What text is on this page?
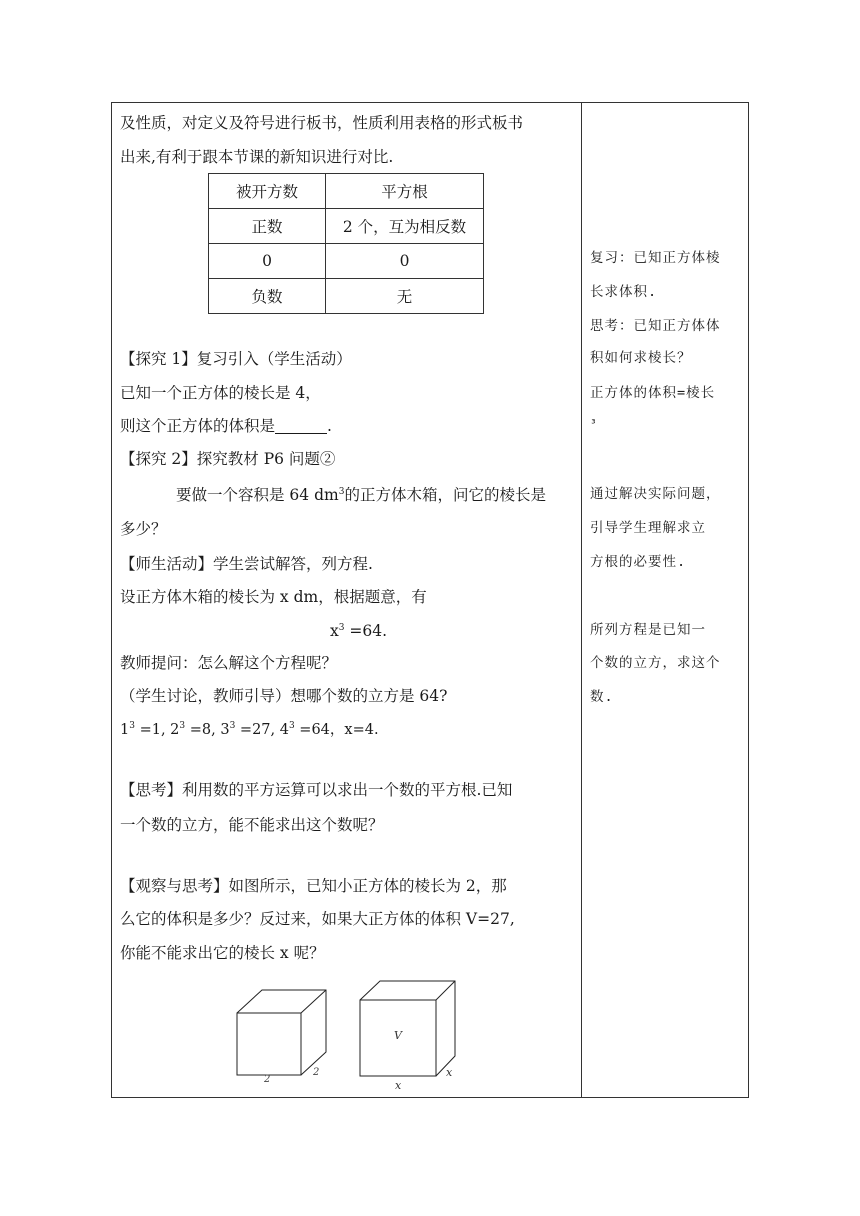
及性质，对定义及符号进行板书，性质利用表格的形式板书
出来,有利于跟本节课的新知识进行对比.
被开方数	平方根
正数	2 个，互为相反数
0	0
负数	无
【探究 1】复习引入（学生活动）
已知一个正方体的棱长是 4，
则这个正方体的体积是	.
【探究 2】探究教材 P6 问题②
要做一个容积是 64 $dm^3$的正方体木箱，问它的棱长是
多少？
【师生活动】学生尝试解答，列方程.
设正方体木箱的棱长为 x dm，根据题意，有
$x^3 =64$.
教师提问：怎么解这个方程呢？
（学生讨论，教师引导）想哪个数的立方是 64?
$1^3 =1$, $2^3 =8$, $3^3 =27$, $4^3 =64$，x=4.
【思考】利用数的平方运算可以求出一个数的平方根.已知
一个数的立方，能不能求出这个数呢？
【观察与思考】如图所示，已知小正方体的棱长为 2，那
么它的体积是多少？反过来，如果大正方体的体积 V=27,
你能不能求出它的棱长 x 呢？
2
2
V
x
x
复习：已知正方体棱
长求体积.
思考：已知正方体体
积如何求棱长？
正方体的体积=棱长
³
通过解决实际问题，
引导学生理解求立
方根的必要性.
所列方程是已知一
个数的立方，求这个
数.
